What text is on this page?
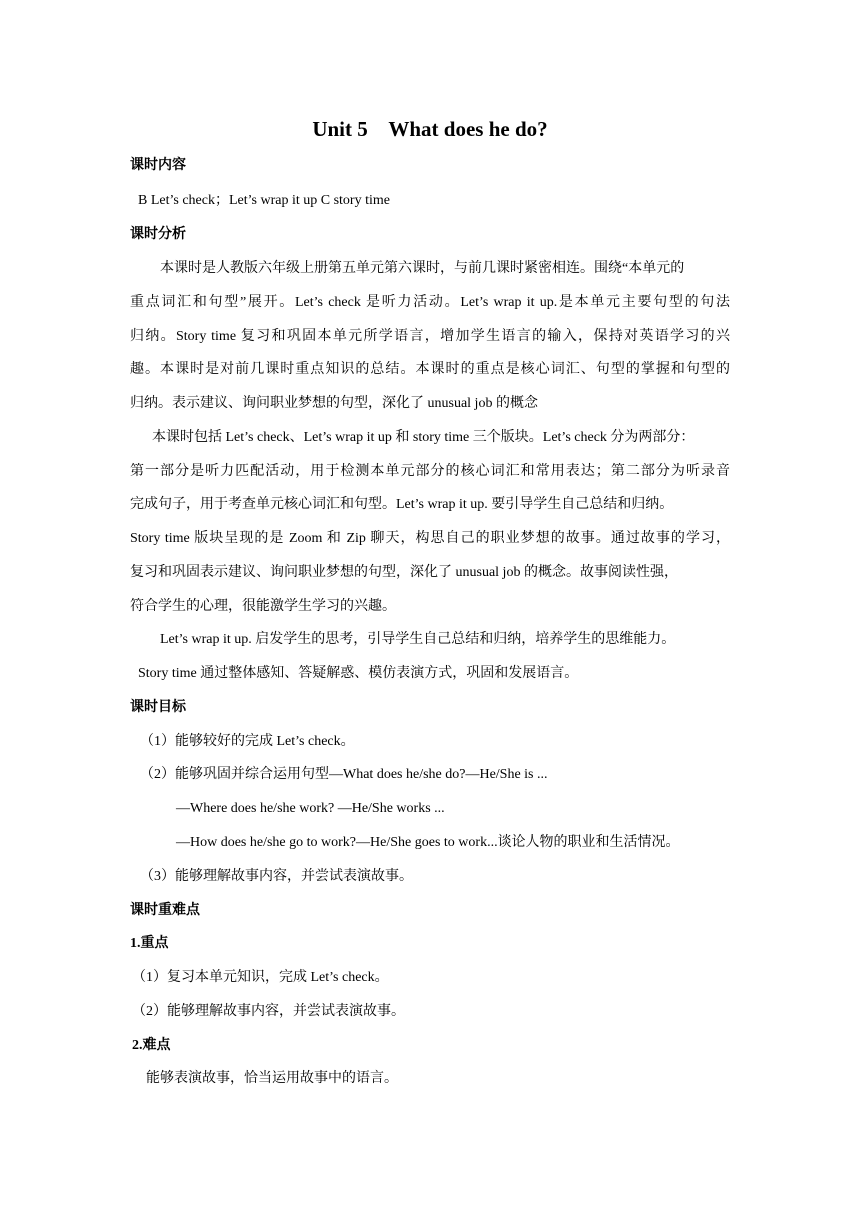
Unit 5    What does he do?
课时内容
B Let’s check；Let’s wrap it up C story time
课时分析
本课时是人教版六年级上册第五单元第六课时，与前几课时紧密相连。围绕“本单元的
重点词汇和句型”展开。Let’s check 是听力活动。Let’s wrap it up.是本单元主要句型的句法
归纳。Story time 复习和巩固本单元所学语言，增加学生语言的输入，保持对英语学习的兴
趣。本课时是对前几课时重点知识的总结。本课时的重点是核心词汇、句型的掌握和句型的
归纳。表示建议、询问职业梦想的句型，深化了 unusual job 的概念
本课时包括 Let’s check、Let’s wrap it up 和 story time 三个版块。Let’s check 分为两部分：
第一部分是听力匹配活动，用于检测本单元部分的核心词汇和常用表达；第二部分为听录音
完成句子，用于考查单元核心词汇和句型。Let’s wrap it up. 要引导学生自己总结和归纳。
Story time 版块呈现的是 Zoom 和 Zip 聊天，构思自己的职业梦想的故事。通过故事的学习，
复习和巩固表示建议、询问职业梦想的句型，深化了 unusual job 的概念。故事阅读性强，
符合学生的心理，很能激学生学习的兴趣。
Let’s wrap it up. 启发学生的思考，引导学生自己总结和归纳，培养学生的思维能力。
Story time 通过整体感知、答疑解惑、模仿表演方式，巩固和发展语言。
课时目标
（1）能够较好的完成 Let’s check。
（2）能够巩固并综合运用句型—What does he/she do?—He/She is ...
—Where does he/she work? —He/She works ...
—How does he/she go to work?—He/She goes to work...谈论人物的职业和生活情况。
（3）能够理解故事内容，并尝试表演故事。
课时重难点
1.重点
（1）复习本单元知识，完成 Let’s check。
（2）能够理解故事内容，并尝试表演故事。
2.难点
能够表演故事，恰当运用故事中的语言。
